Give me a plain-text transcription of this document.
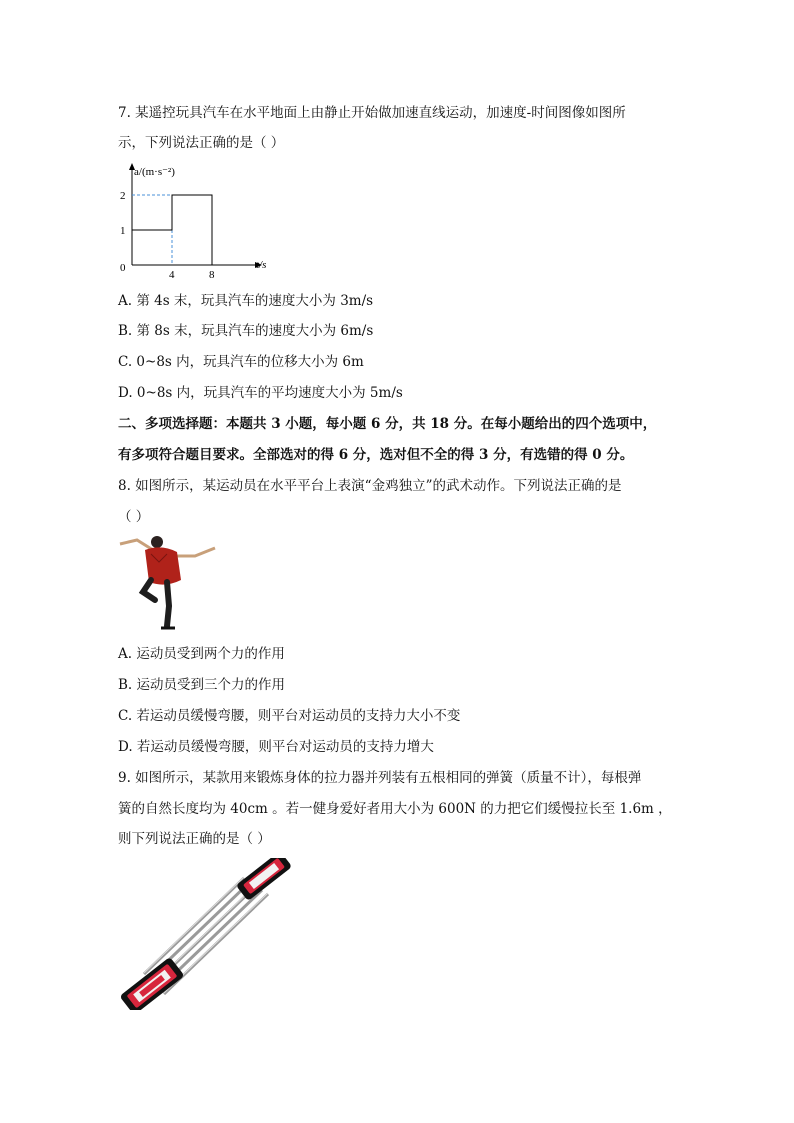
7. 某遥控玩具汽车在水平地面上由静止开始做加速直线运动，加速度-时间图像如图所
示，下列说法正确的是（ ）
a/(m·s⁻²)
t/s
0
2
1
4	8
A. 第 4s 末，玩具汽车的速度大小为 3m/s
B. 第 8s 末，玩具汽车的速度大小为 6m/s
C. 0~8s 内，玩具汽车的位移大小为 6m
D. 0~8s 内，玩具汽车的平均速度大小为 5m/s
二、多项选择题：本题共 3 小题，每小题 6 分，共 18 分。在每小题给出的四个选项中，
有多项符合题目要求。全部选对的得 6 分，选对但不全的得 3 分，有选错的得 0 分。
8. 如图所示，某运动员在水平平台上表演“金鸡独立”的武术动作。下列说法正确的是
（ ）
A. 运动员受到两个力的作用
B. 运动员受到三个力的作用
C. 若运动员缓慢弯腰，则平台对运动员的支持力大小不变
D. 若运动员缓慢弯腰，则平台对运动员的支持力增大
9. 如图所示，某款用来锻炼身体的拉力器并列装有五根相同的弹簧（质量不计），每根弹
簧的自然长度均为 40cm 。若一健身爱好者用大小为 600N 的力把它们缓慢拉长至 1.6m ，
则下列说法正确的是（ ）
